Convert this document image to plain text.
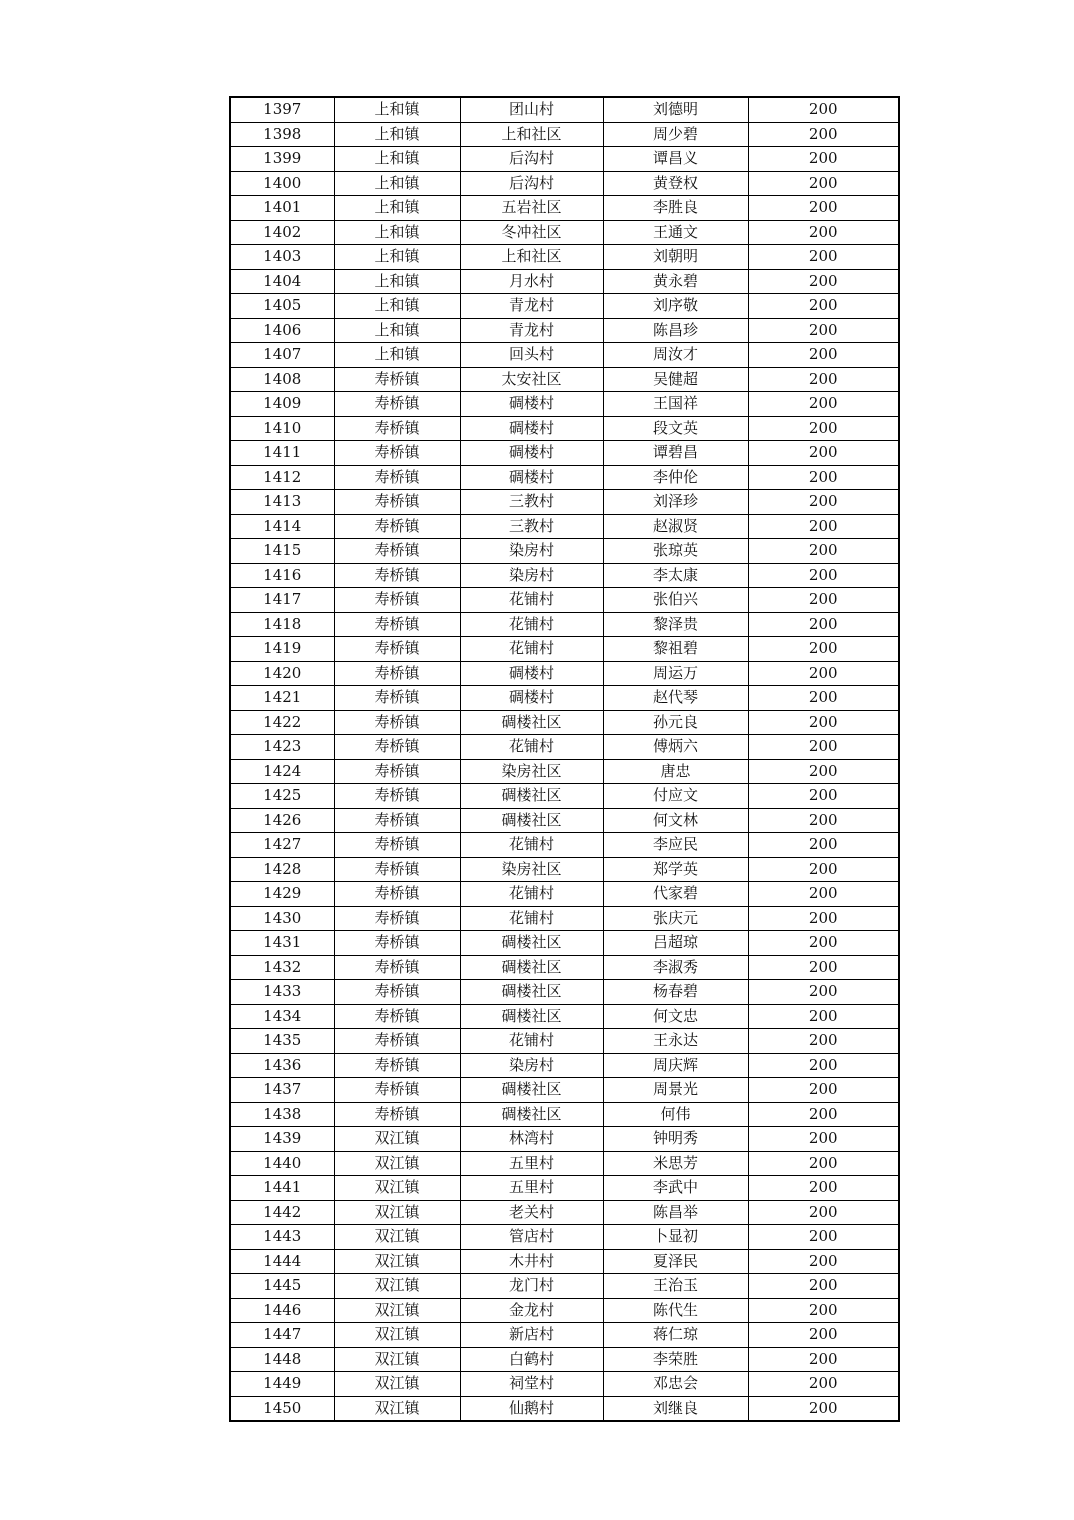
1397	上和镇	团山村	刘德明	200
1398	上和镇	上和社区	周少碧	200
1399	上和镇	后沟村	谭昌义	200
1400	上和镇	后沟村	黄登权	200
1401	上和镇	五岩社区	李胜良	200
1402	上和镇	冬冲社区	王通文	200
1403	上和镇	上和社区	刘朝明	200
1404	上和镇	月水村	黄永碧	200
1405	上和镇	青龙村	刘序敬	200
1406	上和镇	青龙村	陈昌珍	200
1407	上和镇	回头村	周汝才	200
1408	寿桥镇	太安社区	吴健超	200
1409	寿桥镇	碉楼村	王国祥	200
1410	寿桥镇	碉楼村	段文英	200
1411	寿桥镇	碉楼村	谭碧昌	200
1412	寿桥镇	碉楼村	李仲伦	200
1413	寿桥镇	三教村	刘泽珍	200
1414	寿桥镇	三教村	赵淑贤	200
1415	寿桥镇	染房村	张琼英	200
1416	寿桥镇	染房村	李太康	200
1417	寿桥镇	花铺村	张伯兴	200
1418	寿桥镇	花铺村	黎泽贵	200
1419	寿桥镇	花铺村	黎祖碧	200
1420	寿桥镇	碉楼村	周运万	200
1421	寿桥镇	碉楼村	赵代琴	200
1422	寿桥镇	碉楼社区	孙元良	200
1423	寿桥镇	花铺村	傅炳六	200
1424	寿桥镇	染房社区	唐忠	200
1425	寿桥镇	碉楼社区	付应文	200
1426	寿桥镇	碉楼社区	何文林	200
1427	寿桥镇	花铺村	李应民	200
1428	寿桥镇	染房社区	郑学英	200
1429	寿桥镇	花铺村	代家碧	200
1430	寿桥镇	花铺村	张庆元	200
1431	寿桥镇	碉楼社区	吕超琼	200
1432	寿桥镇	碉楼社区	李淑秀	200
1433	寿桥镇	碉楼社区	杨春碧	200
1434	寿桥镇	碉楼社区	何文忠	200
1435	寿桥镇	花铺村	王永达	200
1436	寿桥镇	染房村	周庆辉	200
1437	寿桥镇	碉楼社区	周景光	200
1438	寿桥镇	碉楼社区	何伟	200
1439	双江镇	林湾村	钟明秀	200
1440	双江镇	五里村	米思芳	200
1441	双江镇	五里村	李武中	200
1442	双江镇	老关村	陈昌举	200
1443	双江镇	管店村	卜显初	200
1444	双江镇	木井村	夏泽民	200
1445	双江镇	龙门村	王治玉	200
1446	双江镇	金龙村	陈代生	200
1447	双江镇	新店村	蒋仁琼	200
1448	双江镇	白鹤村	李荣胜	200
1449	双江镇	祠堂村	邓忠会	200
1450	双江镇	仙鹅村	刘继良	200
